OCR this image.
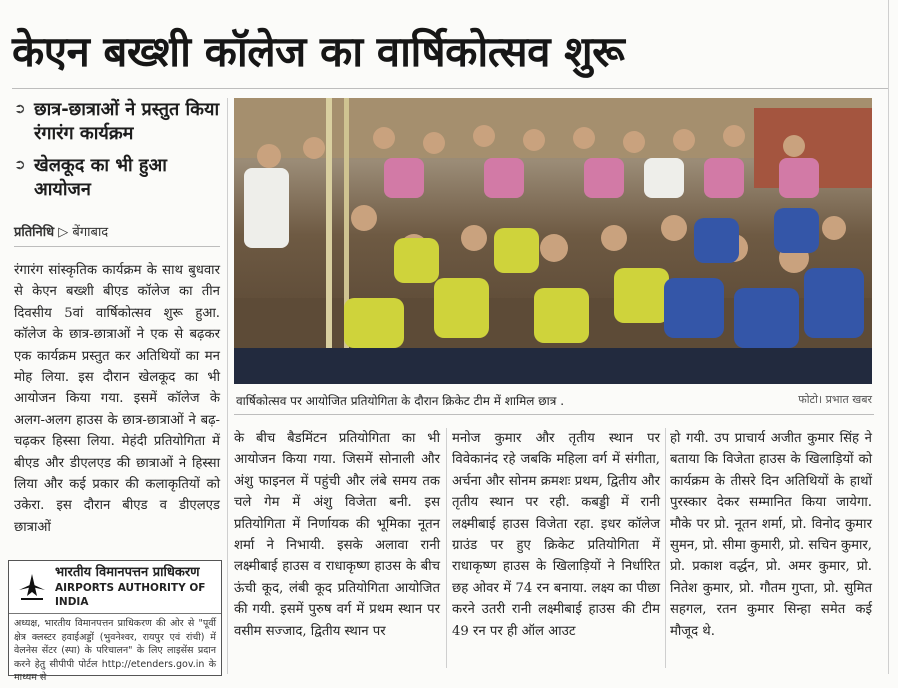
केएन बख्शी कॉलेज का वार्षिकोत्सव शुरू
➲ छात्र-छात्राओं ने प्रस्तुत किया रंगारंग कार्यक्रम
➲ खेलकूद का भी हुआ आयोजन
प्रतिनिधि ▷ बेंगाबाद
वार्षिकोत्सव पर आयोजित प्रतियोगिता के दौरान क्रिकेट टीम में शामिल छात्र .	फोटो। प्रभात खबर
रंगारंग सांस्कृतिक कार्यक्रम के साथ बुधवार से केएन बख्शी बीएड कॉलेज का तीन दिवसीय 5वां वार्षिकोत्सव शुरू हुआ. कॉलेज के छात्र-छात्राओं ने एक से बढ़कर एक कार्यक्रम प्रस्तुत कर अतिथियों का मन मोह लिया. इस दौरान खेलकूद का भी आयोजन किया गया. इसमें कॉलेज के अलग-अलग हाउस के छात्र-छात्राओं ने बढ़-चढ़कर हिस्सा लिया. मेहंदी प्रतियोगिता में बीएड और डीएलएड की छात्राओं ने हिस्सा लिया और कई प्रकार की कलाकृतियों को उकेरा. इस दौरान बीएड व डीएलएड छात्राओं
के बीच बैडमिंटन प्रतियोगिता का भी आयोजन किया गया. जिसमें सोनाली और अंशु फाइनल में पहुंची और लंबे समय तक चले गेम में अंशु विजेता बनी. इस प्रतियोगिता में निर्णायक की भूमिका नूतन शर्मा ने निभायी. इसके अलावा रानी लक्ष्मीबाई हाउस व राधाकृष्ण हाउस के बीच ऊंची कूद, लंबी कूद प्रतियोगिता आयोजित की गयी. इसमें पुरुष वर्ग में प्रथम स्थान पर वसीम सज्जाद, द्वितीय स्थान पर
मनोज कुमार और तृतीय स्थान पर विवेकानंद रहे जबकि महिला वर्ग में संगीता, अर्चना और सोनम क्रमशः प्रथम, द्वितीय और तृतीय स्थान पर रही. कबड्डी में रानी लक्ष्मीबाई हाउस विजेता रहा. इधर कॉलेज ग्राउंड पर हुए क्रिकेट प्रतियोगिता में राधाकृष्ण हाउस के खिलाड़ियों ने निर्धारित छह ओवर में 74 रन बनाया. लक्ष्य का पीछा करने उतरी रानी लक्ष्मीबाई हाउस की टीम 49 रन पर ही ऑल आउट
हो गयी. उप प्राचार्य अजीत कुमार सिंह ने बताया कि विजेता हाउस के खिलाड़ियों को कार्यक्रम के तीसरे दिन अतिथियों के हाथों पुरस्कार देकर सम्मानित किया जायेगा. मौके पर प्रो. नूतन शर्मा, प्रो. विनोद कुमार सुमन, प्रो. सीमा कुमारी, प्रो. सचिन कुमार, प्रो. प्रकाश वर्द्धन, प्रो. अमर कुमार, प्रो. नितेश कुमार, प्रो. गौतम गुप्ता, प्रो. सुमित सहगल, रतन कुमार सिन्हा समेत कई मौजूद थे.
भारतीय विमानपत्तन प्राधिकरण
AIRPORTS AUTHORITY OF INDIA
अध्यक्ष, भारतीय विमानपत्तन प्राधिकरण की ओर से "पूर्वी क्षेत्र क्लस्टर हवाईअड्डों (भुवनेश्वर, रायपुर एवं रांची) में वेलनेस सेंटर (स्पा) के परिचालन" के लिए लाइसेंस प्रदान करने हेतु सीपीपी पोर्टल http://etenders.gov.in के माध्यम से
